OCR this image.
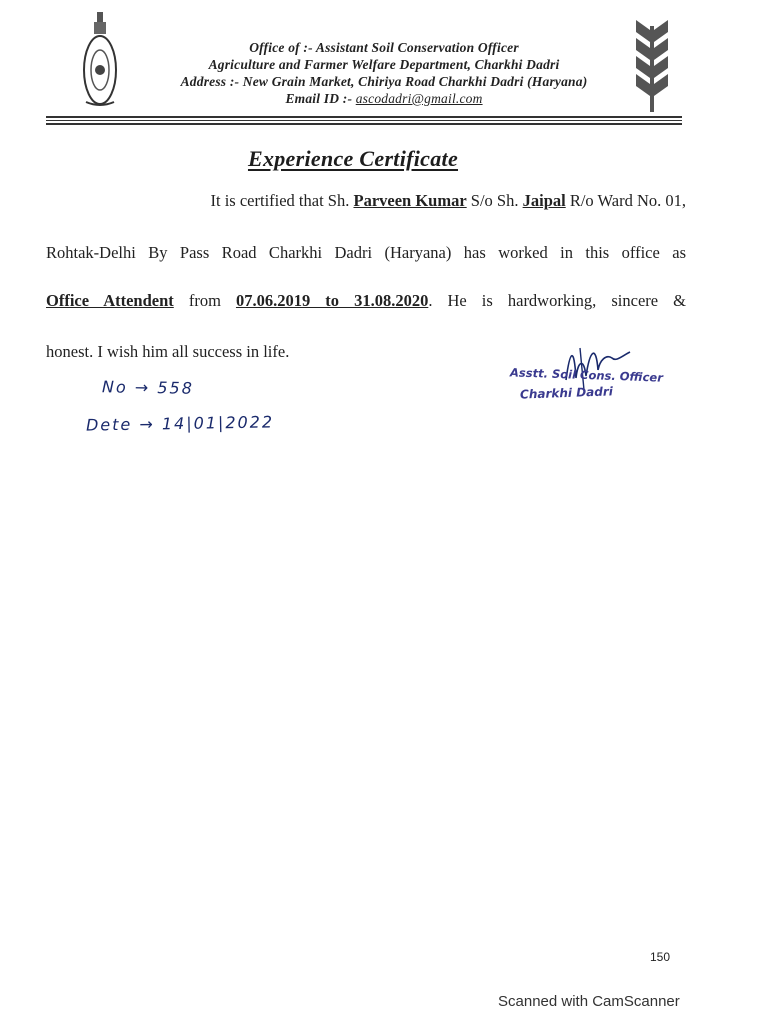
Office of :- Assistant Soil Conservation Officer
Agriculture and Farmer Welfare Department, Charkhi Dadri
Address :- New Grain Market, Chiriya Road Charkhi Dadri (Haryana)
Email ID :- ascodadri@gmail.com
Experience Certificate
It is certified that Sh. Parveen Kumar S/o Sh. Jaipal R/o Ward No. 01,
Rohtak-Delhi By Pass Road Charkhi Dadri (Haryana) has worked in this office as
Office Attendent from 07.06.2019 to 31.08.2020. He is hardworking, sincere &
honest. I wish him all success in life.
No → 558
Dete → 14|01|2022
Asstt. Soil Cons. Officer
Charkhi Dadri
150
Scanned with CamScanner
